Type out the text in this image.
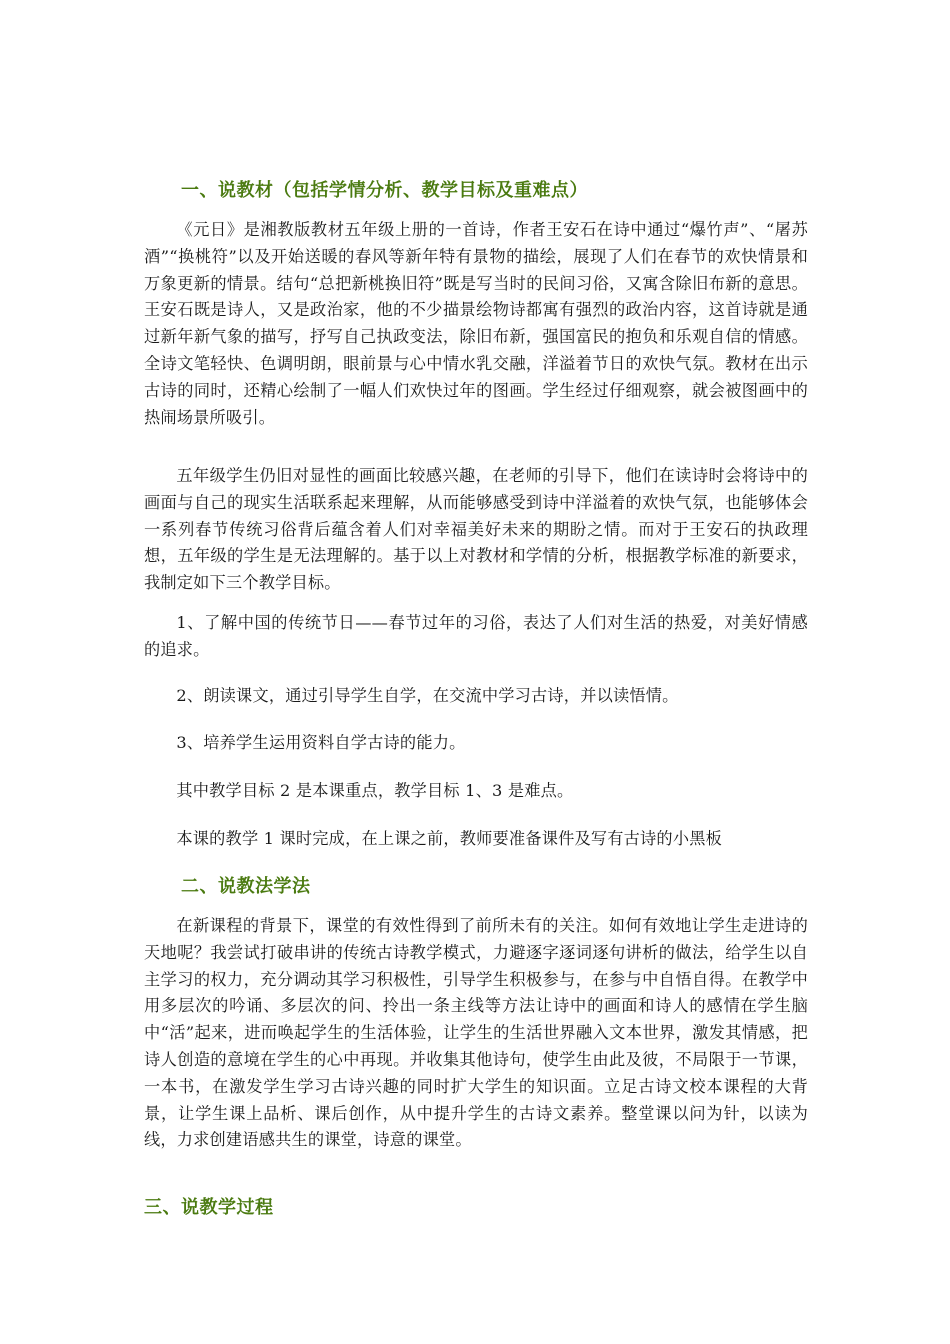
一、说教材（包括学情分析、教学目标及重难点）

《元日》是湘教版教材五年级上册的一首诗，作者王安石在诗中通过“爆竹声”、“屠苏酒”“换桃符”以及开始送暖的春风等新年特有景物的描绘，展现了人们在春节的欢快情景和万象更新的情景。结句“总把新桃换旧符”既是写当时的民间习俗，又寓含除旧布新的意思。王安石既是诗人，又是政治家，他的不少描景绘物诗都寓有强烈的政治内容，这首诗就是通过新年新气象的描写，抒写自己执政变法，除旧布新，强国富民的抱负和乐观自信的情感。全诗文笔轻快、色调明朗，眼前景与心中情水乳交融，洋溢着节日的欢快气氛。教材在出示古诗的同时，还精心绘制了一幅人们欢快过年的图画。学生经过仔细观察，就会被图画中的热闹场景所吸引。

五年级学生仍旧对显性的画面比较感兴趣，在老师的引导下，他们在读诗时会将诗中的画面与自己的现实生活联系起来理解，从而能够感受到诗中洋溢着的欢快气氛，也能够体会一系列春节传统习俗背后蕴含着人们对幸福美好未来的期盼之情。而对于王安石的执政理想，五年级的学生是无法理解的。基于以上对教材和学情的分析，根据教学标准的新要求，我制定如下三个教学目标。

1、了解中国的传统节日——春节过年的习俗，表达了人们对生活的热爱，对美好情感的追求。

2、朗读课文，通过引导学生自学，在交流中学习古诗，并以读悟情。

3、培养学生运用资料自学古诗的能力。

其中教学目标 2 是本课重点，教学目标 1、3 是难点。

本课的教学 1 课时完成，在上课之前，教师要准备课件及写有古诗的小黑板

二、说教法学法

在新课程的背景下，课堂的有效性得到了前所未有的关注。如何有效地让学生走进诗的天地呢？我尝试打破串讲的传统古诗教学模式，力避逐字逐词逐句讲析的做法，给学生以自主学习的权力，充分调动其学习积极性，引导学生积极参与，在参与中自悟自得。在教学中用多层次的吟诵、多层次的问、拎出一条主线等方法让诗中的画面和诗人的感情在学生脑中“活”起来，进而唤起学生的生活体验，让学生的生活世界融入文本世界，激发其情感，把诗人创造的意境在学生的心中再现。并收集其他诗句，使学生由此及彼，不局限于一节课，一本书，在激发学生学习古诗兴趣的同时扩大学生的知识面。立足古诗文校本课程的大背景，让学生课上品析、课后创作，从中提升学生的古诗文素养。整堂课以问为针，以读为线，力求创建语感共生的课堂，诗意的课堂。

三、说教学过程
